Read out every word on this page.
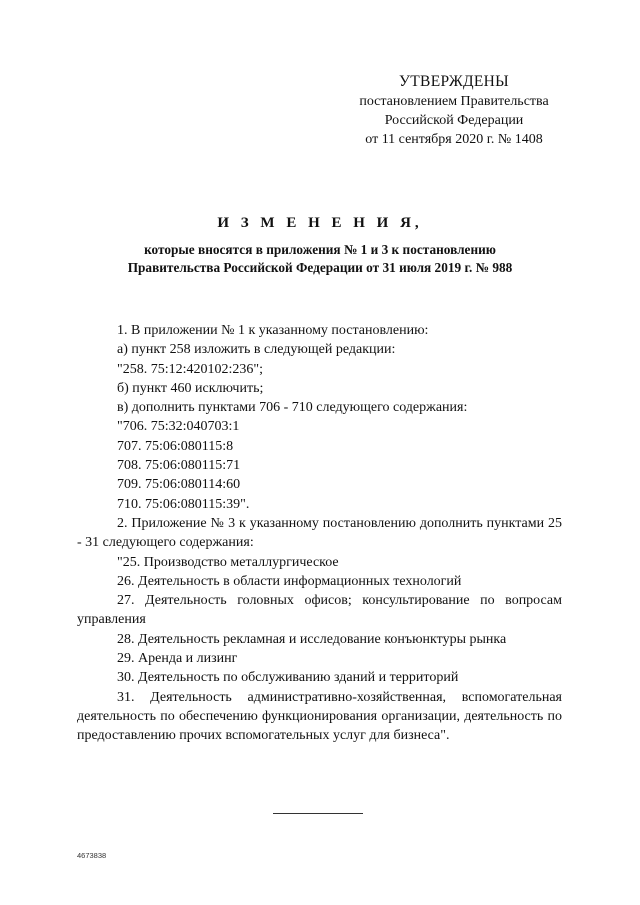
УТВЕРЖДЕНЫ
постановлением Правительства
Российской Федерации
от 11 сентября 2020 г. № 1408
И З М Е Н Е Н И Я,
которые вносятся в приложения № 1 и 3 к постановлению
Правительства Российской Федерации от 31 июля 2019 г. № 988

1. В приложении № 1 к указанному постановлению:

а) пункт 258 изложить в следующей редакции:

"258. 75:12:420102:236";

б) пункт 460 исключить;

в) дополнить пунктами 706 - 710 следующего содержания:

"706. 75:32:040703:1

707. 75:06:080115:8

708. 75:06:080115:71

709. 75:06:080114:60

710. 75:06:080115:39".

2. Приложение № 3 к указанному постановлению дополнить пунктами 25 - 31 следующего содержания:

"25. Производство металлургическое

26. Деятельность в области информационных технологий

27. Деятельность головных офисов; консультирование по вопросам управления

28. Деятельность рекламная и исследование конъюнктуры рынка

29. Аренда и лизинг

30. Деятельность по обслуживанию зданий и территорий

31. Деятельность административно-хозяйственная, вспомогательная деятельность по обеспечению функционирования организации, деятельность по предоставлению прочих вспомогательных услуг для бизнеса".

4673838
